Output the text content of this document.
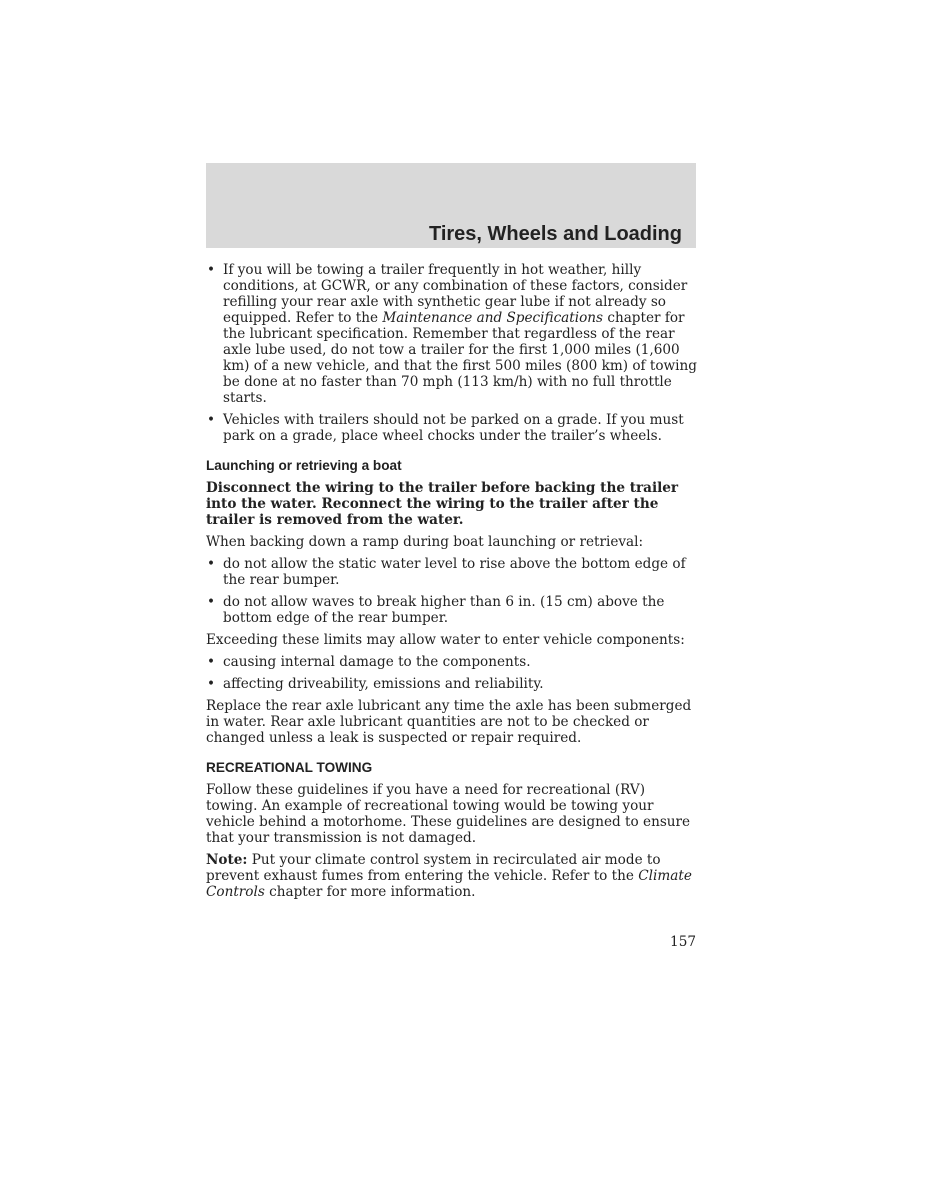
Tires, Wheels and Loading
• If you will be towing a trailer frequently in hot weather, hilly conditions, at GCWR, or any combination of these factors, consider refilling your rear axle with synthetic gear lube if not already so equipped. Refer to the Maintenance and Specifications chapter for the lubricant specification. Remember that regardless of the rear axle lube used, do not tow a trailer for the first 1,000 miles (1,600 km) of a new vehicle, and that the first 500 miles (800 km) of towing be done at no faster than 70 mph (113 km/h) with no full throttle starts.
• Vehicles with trailers should not be parked on a grade. If you must park on a grade, place wheel chocks under the trailer’s wheels.
Launching or retrieving a boat

Disconnect the wiring to the trailer before backing the trailer into the water. Reconnect the wiring to the trailer after the trailer is removed from the water.

When backing down a ramp during boat launching or retrieval:

• do not allow the static water level to rise above the bottom edge of the rear bumper.
• do not allow waves to break higher than 6 in. (15 cm) above the bottom edge of the rear bumper.

Exceeding these limits may allow water to enter vehicle components:

• causing internal damage to the components.
• affecting driveability, emissions and reliability.

Replace the rear axle lubricant any time the axle has been submerged in water. Rear axle lubricant quantities are not to be checked or changed unless a leak is suspected or repair required.

RECREATIONAL TOWING

Follow these guidelines if you have a need for recreational (RV) towing. An example of recreational towing would be towing your vehicle behind a motorhome. These guidelines are designed to ensure that your transmission is not damaged.

Note: Put your climate control system in recirculated air mode to prevent exhaust fumes from entering the vehicle. Refer to the Climate Controls chapter for more information.

157
